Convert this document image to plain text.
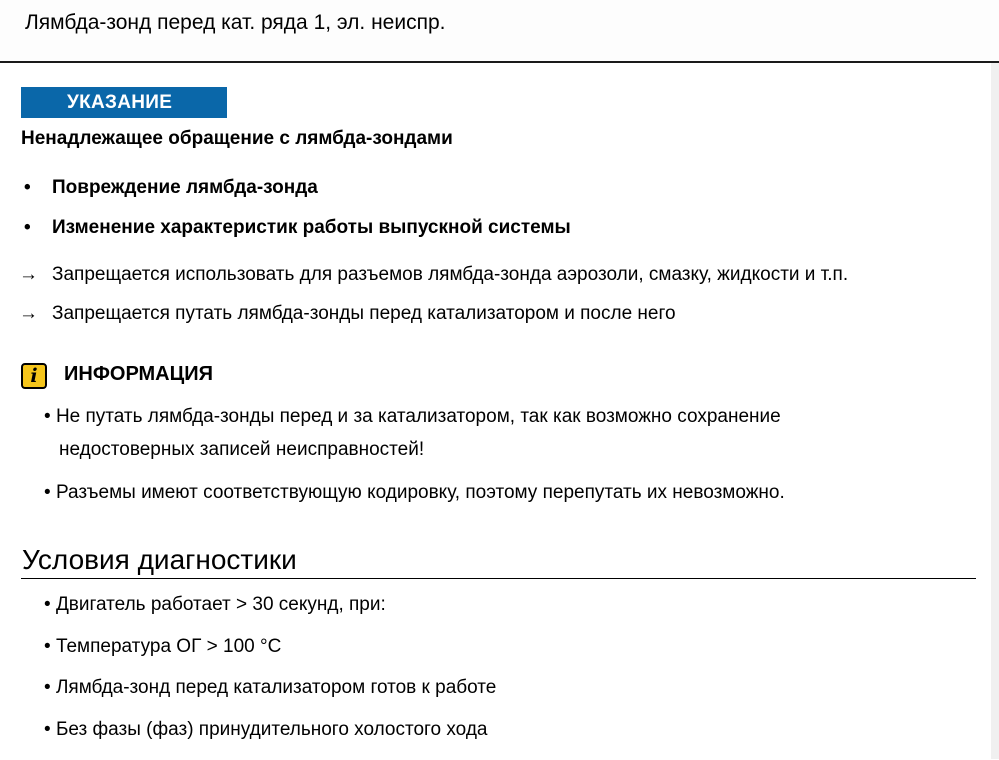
Лямбда-зонд перед кат. ряда 1, эл. неиспр.
УКАЗАНИЕ
Ненадлежащее обращение с лямбда-зондами
• Повреждение лямбда-зонда
• Изменение характеристик работы выпускной системы
→ Запрещается использовать для разъемов лямбда-зонда аэрозоли, смазку, жидкости и т.п.
→ Запрещается путать лямбда-зонды перед катализатором и после него
i	ИНФОРМАЦИЯ
• Не путать лямбда-зонды перед и за катализатором, так как возможно сохранение недостоверных записей неисправностей!
• Разъемы имеют соответствующую кодировку, поэтому перепутать их невозможно.
Условия диагностики
• Двигатель работает > 30 секунд, при:
• Температура ОГ > 100 °C
• Лямбда-зонд перед катализатором готов к работе
• Без фазы (фаз) принудительного холостого хода
